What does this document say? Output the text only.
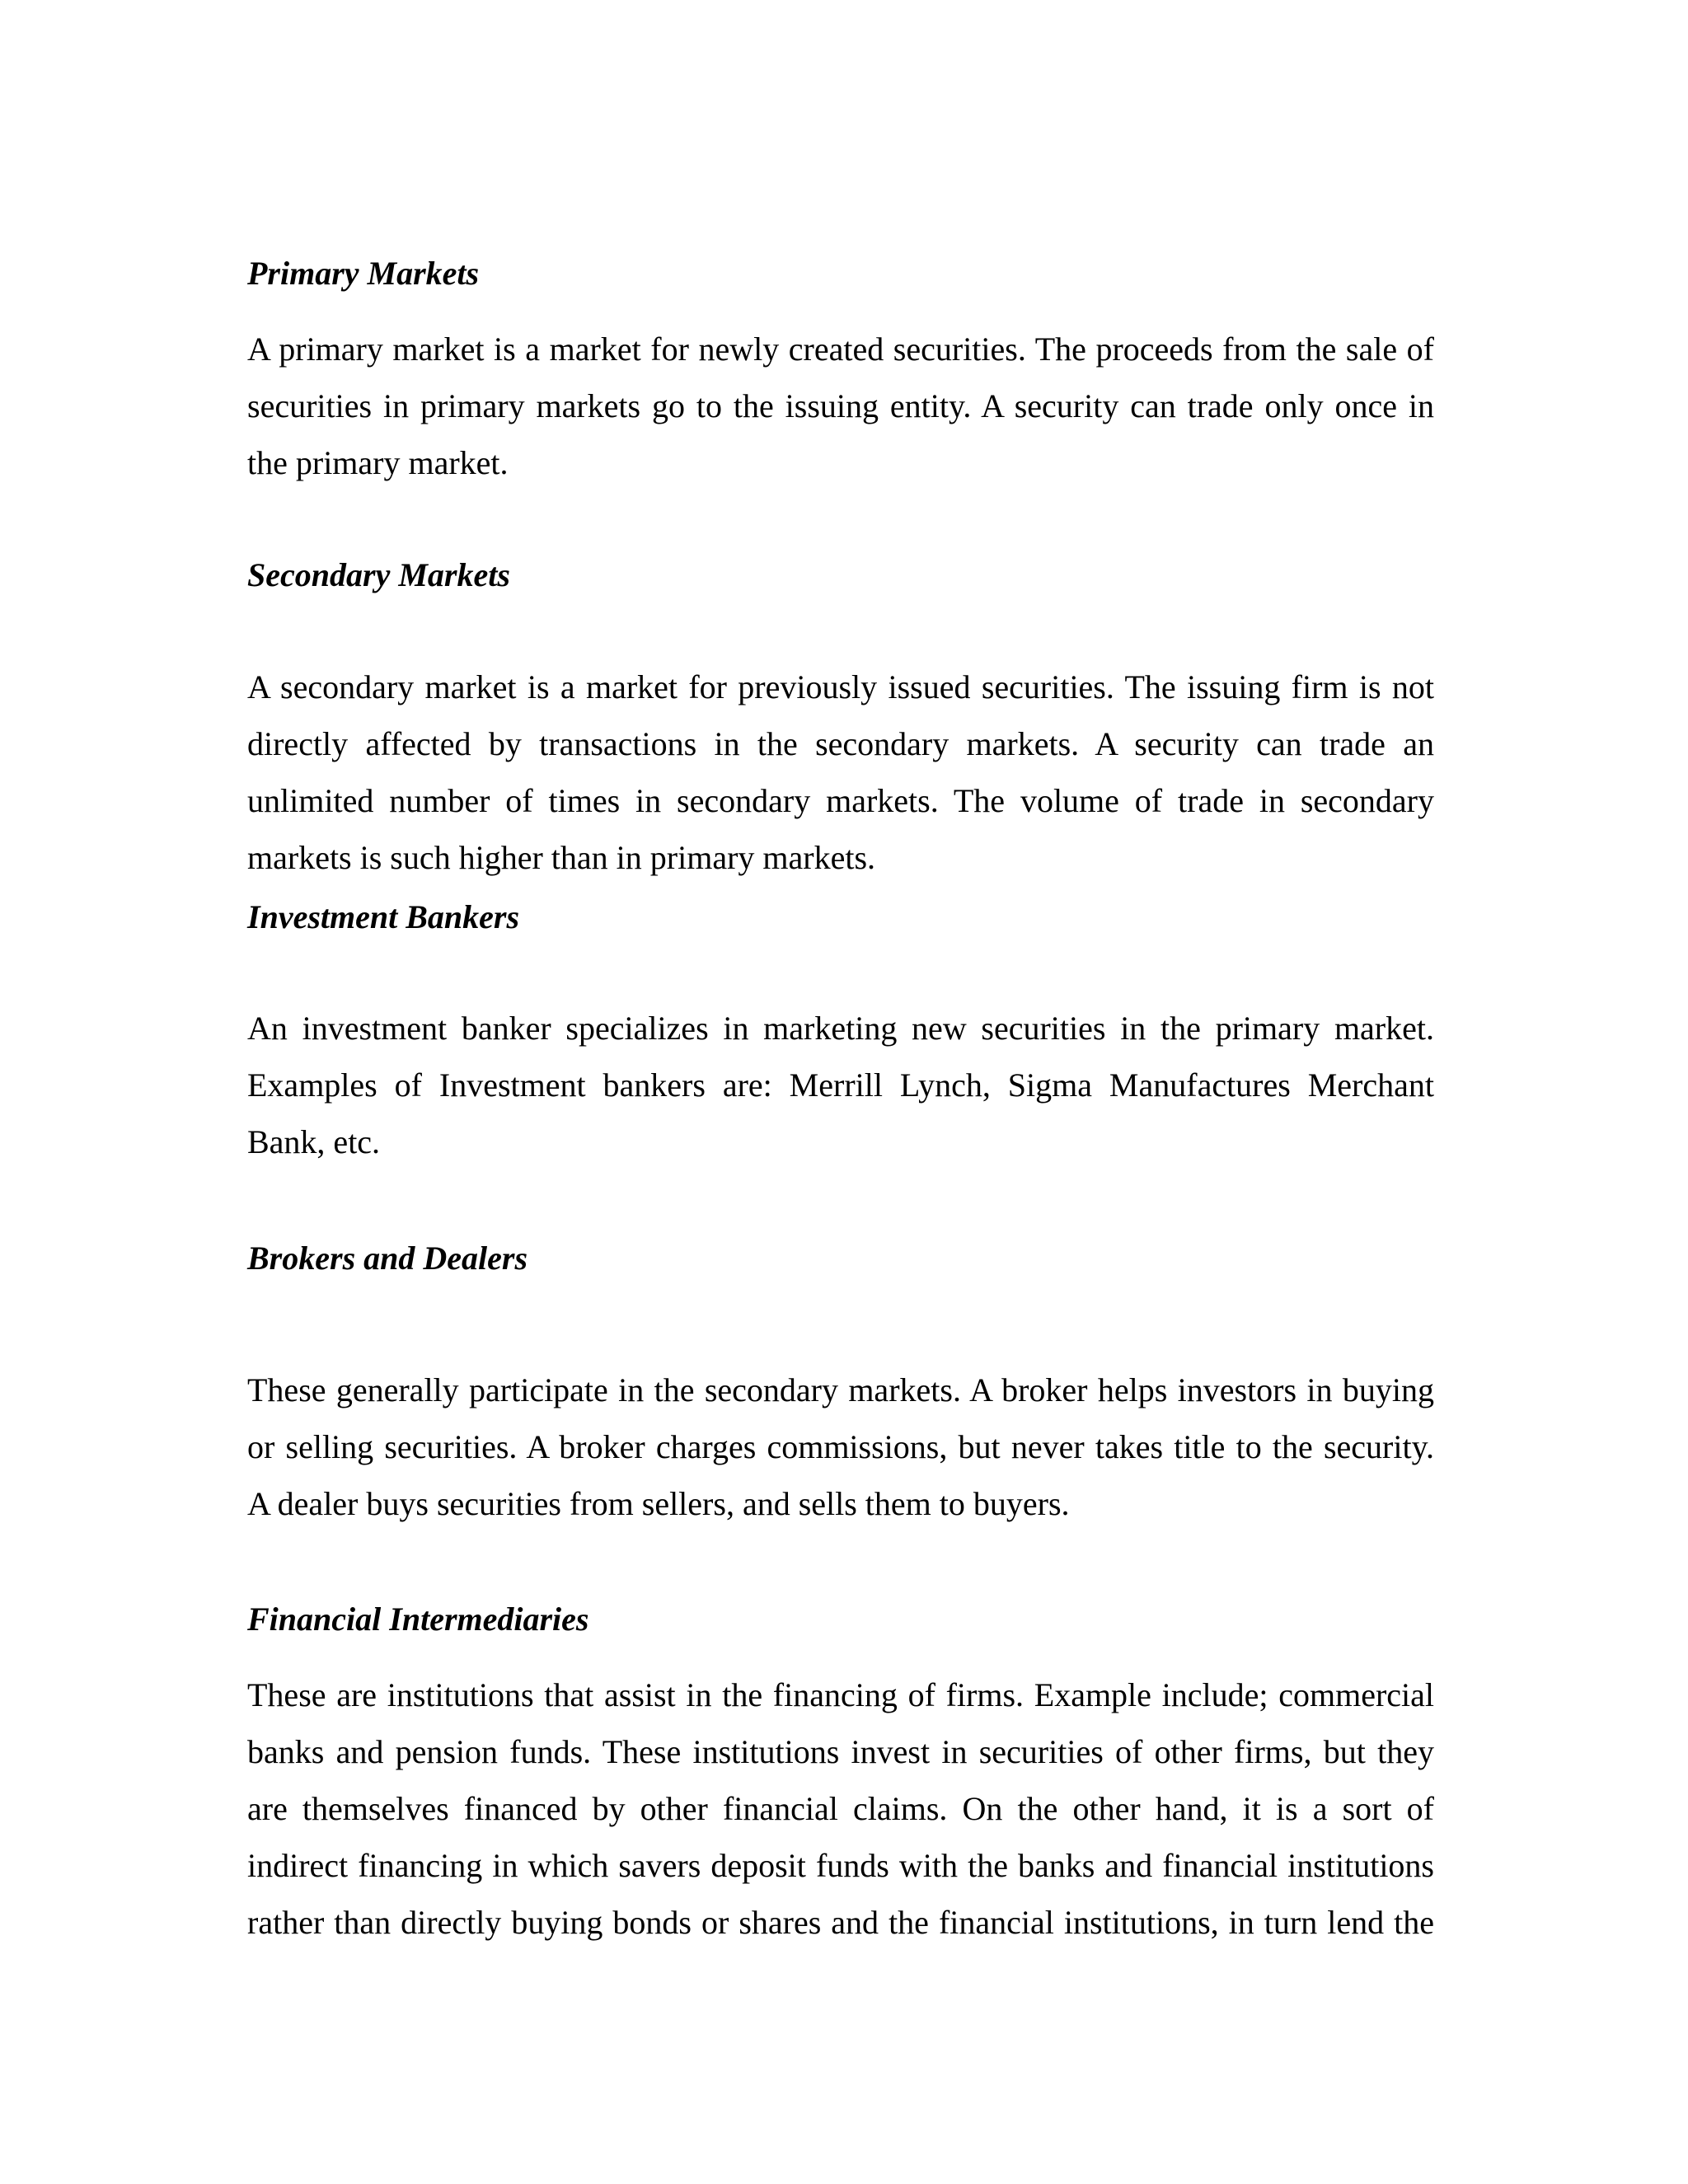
Primary Markets
A primary market is a market for newly created securities. The proceeds from the sale of
securities in primary markets go to the issuing entity. A security can trade only once in
the primary market.
Secondary Markets
A secondary market is a market for previously issued securities. The issuing firm is not
directly affected by transactions in the secondary markets. A security can trade an
unlimited number of times in secondary markets. The volume of trade in secondary
markets is such higher than in primary markets.
Investment Bankers
An investment banker specializes in marketing new securities in the primary market.
Examples of Investment bankers are: Merrill Lynch, Sigma Manufactures Merchant
Bank, etc.
Brokers and Dealers
These generally participate in the secondary markets. A broker helps investors in buying
or selling securities. A broker charges commissions, but never takes title to the security.
A dealer buys securities from sellers, and sells them to buyers.
Financial Intermediaries
These are institutions that assist in the financing of firms. Example include; commercial
banks and pension funds. These institutions invest in securities of other firms, but they
are themselves financed by other financial claims. On the other hand, it is a sort of
indirect financing in which savers deposit funds with the banks and financial institutions
rather than directly buying bonds or shares and the financial institutions, in turn lend the
